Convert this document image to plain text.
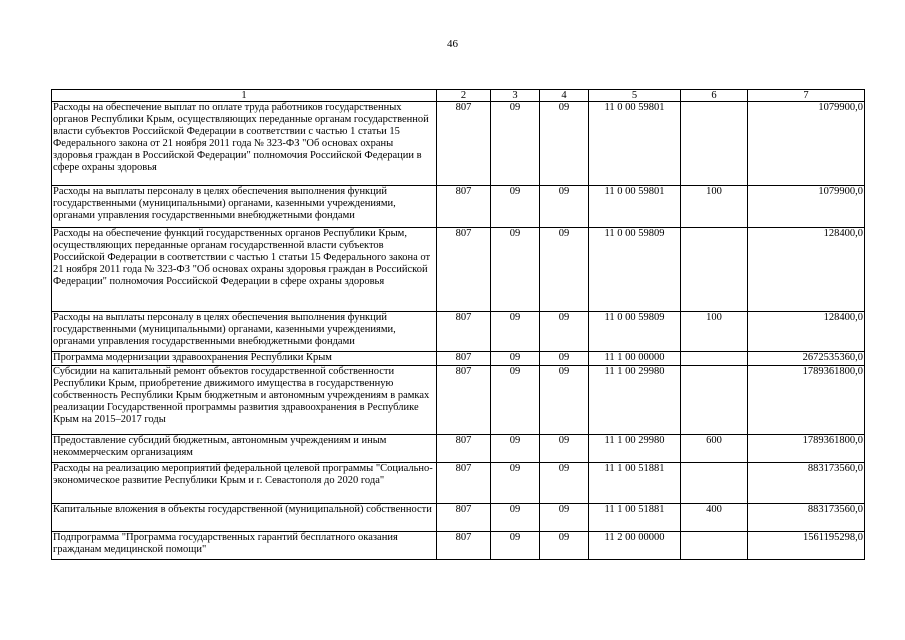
46
1	2	3	4	5	6	7
Расходы на обеспечение выплат по оплате труда работников государственных органов Республики Крым, осуществляющих переданные органам государственной власти субъектов Российской Федерации в соответствии с частью 1 статьи 15 Федерального закона от 21 ноября 2011 года № 323-ФЗ "Об основах охраны здоровья граждан в Российской Федерации" полномочия Российской Федерации в сфере охраны здоровья	807	09	09	11 0 00 59801		1079900,0
Расходы на выплаты персоналу в целях обеспечения выполнения функций государственными (муниципальными) органами, казенными учреждениями, органами управления государственными внебюджетными фондами	807	09	09	11 0 00 59801	100	1079900,0
Расходы на обеспечение функций государственных органов Республики Крым, осуществляющих переданные органам государственной власти субъектов Российской Федерации в соответствии с частью 1 статьи 15 Федерального закона от 21 ноября 2011 года № 323-ФЗ "Об основах охраны здоровья граждан в Российской Федерации" полномочия Российской Федерации в сфере охраны здоровья	807	09	09	11 0 00 59809		128400,0
Расходы на выплаты персоналу в целях обеспечения выполнения функций государственными (муниципальными) органами, казенными учреждениями, органами управления государственными внебюджетными фондами	807	09	09	11 0 00 59809	100	128400,0
Программа модернизации здравоохранения Республики Крым	807	09	09	11 1 00 00000		2672535360,0
Субсидии на капитальный ремонт объектов государственной собственности Республики Крым, приобретение движимого имущества в государственную собственность Республики Крым бюджетным и автономным учреждениям в рамках реализации Государственной программы развития здравоохранения в Республике Крым на 2015–2017 годы	807	09	09	11 1 00 29980		1789361800,0
Предоставление субсидий бюджетным, автономным учреждениям и иным некоммерческим организациям	807	09	09	11 1 00 29980	600	1789361800,0
Расходы на реализацию мероприятий федеральной целевой программы "Социально-экономическое развитие Республики Крым и г. Севастополя до 2020 года"	807	09	09	11 1 00 51881		883173560,0
Капитальные вложения в объекты государственной (муниципальной) собственности	807	09	09	11 1 00 51881	400	883173560,0
Подпрограмма "Программа государственных гарантий бесплатного оказания гражданам медицинской помощи"	807	09	09	11 2 00 00000		1561195298,0
